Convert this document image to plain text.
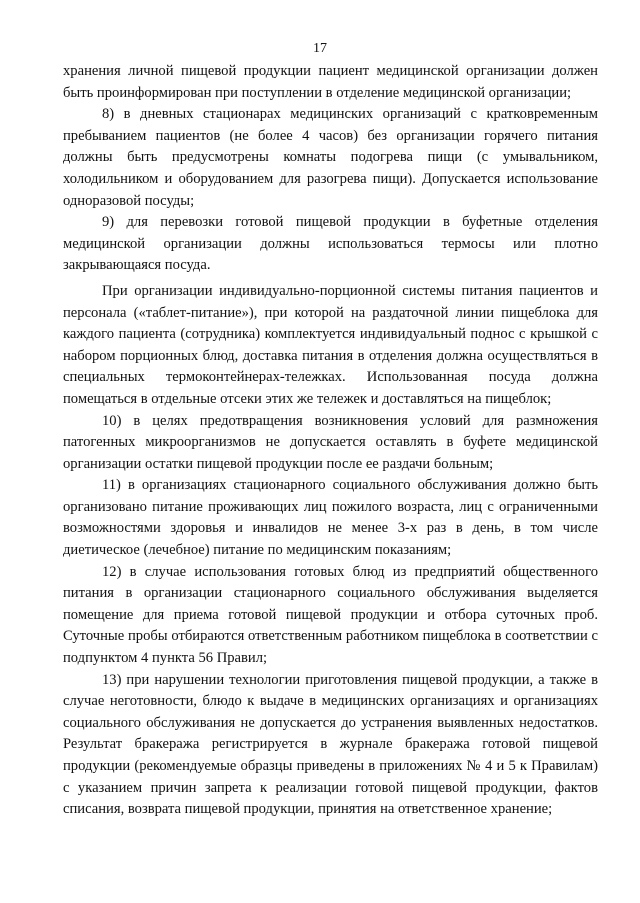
17

хранения личной пищевой продукции пациент медицинской организации должен быть проинформирован при поступлении в отделение медицинской организации;

8) в дневных стационарах медицинских организаций с кратковременным пребыванием пациентов (не более 4 часов) без организации горячего питания должны быть предусмотрены комнаты подогрева пищи (с умывальником, холодильником и оборудованием для разогрева пищи). Допускается использование одноразовой посуды;

9) для перевозки готовой пищевой продукции в буфетные отделения медицинской организации должны использоваться термосы или плотно закрывающаяся посуда.

При организации индивидуально-порционной системы питания пациентов и персонала («таблет-питание»), при которой на раздаточной линии пищеблока для каждого пациента (сотрудника) комплектуется индивидуальный поднос с крышкой с набором порционных блюд, доставка питания в отделения должна осуществляться в специальных термоконтейнерах-тележках. Использованная посуда должна помещаться в отдельные отсеки этих же тележек и доставляться на пищеблок;

10) в целях предотвращения возникновения условий для размножения патогенных микроорганизмов не допускается оставлять в буфете медицинской организации остатки пищевой продукции после ее раздачи больным;

11) в организациях стационарного социального обслуживания должно быть организовано питание проживающих лиц пожилого возраста, лиц с ограниченными возможностями здоровья и инвалидов не менее 3-х раз в день, в том числе диетическое (лечебное) питание по медицинским показаниям;

12) в случае использования готовых блюд из предприятий общественного питания в организации стационарного социального обслуживания выделяется помещение для приема готовой пищевой продукции и отбора суточных проб. Суточные пробы отбираются ответственным работником пищеблока в соответствии с подпунктом 4 пункта 56 Правил;

13) при нарушении технологии приготовления пищевой продукции, а также в случае неготовности, блюдо к выдаче в медицинских организациях и организациях социального обслуживания не допускается до устранения выявленных недостатков. Результат бракеража регистрируется в журнале бракеража готовой пищевой продукции (рекомендуемые образцы приведены в приложениях № 4 и 5 к Правилам) с указанием причин запрета к реализации готовой пищевой продукции, фактов списания, возврата пищевой продукции, принятия на ответственное хранение;
